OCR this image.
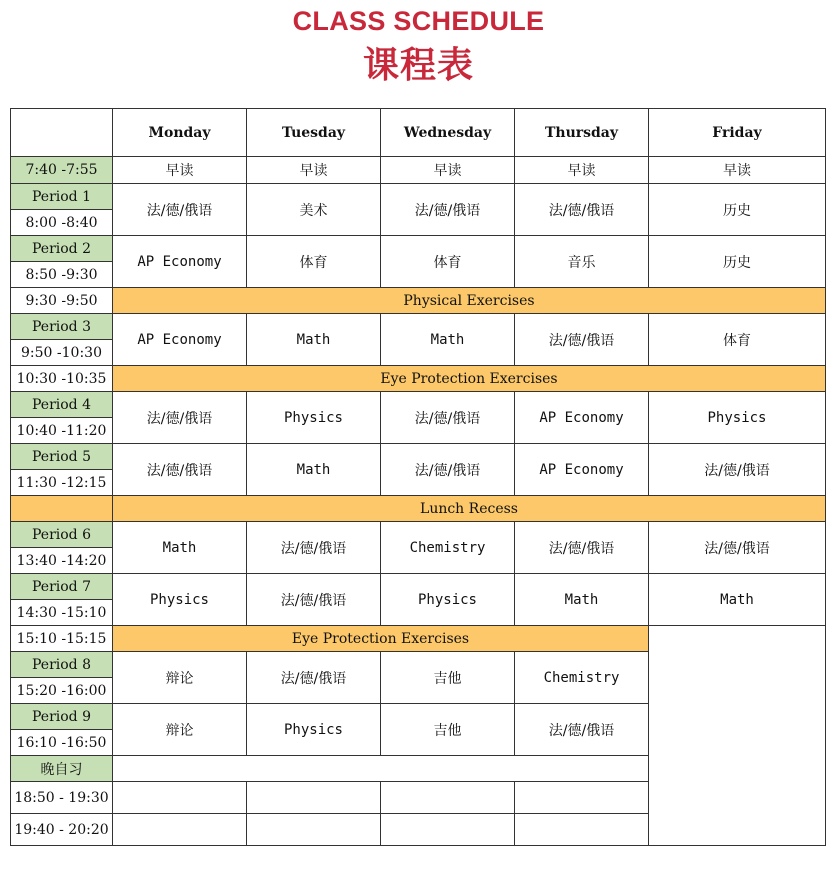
CLASS SCHEDULE
课程表
	Monday	Tuesday	Wednesday	Thursday	Friday
7:40 -7:55	早读	早读	早读	早读	早读
Period 1	法/德/俄语	美术	法/德/俄语	法/德/俄语	历史
8:00 -8:40					
Period 2	AP Economy	体育	体育	音乐	历史
8:50 -9:30					
9:30 -9:50	Physical Exercises				
Period 3	AP Economy	Math	Math	法/德/俄语	体育
9:50 -10:30					
10:30 -10:35	Eye Protection Exercises				
Period 4	法/德/俄语	Physics	法/德/俄语	AP Economy	Physics
10:40 -11:20					
Period 5	法/德/俄语	Math	法/德/俄语	AP Economy	法/德/俄语
11:30 -12:15					
	Lunch Recess				
Period 6	Math	法/德/俄语	Chemistry	法/德/俄语	法/德/俄语
13:40 -14:20					
Period 7	Physics	法/德/俄语	Physics	Math	Math
14:30 -15:10					
15:10 -15:15	Eye Protection Exercises				
Period 8	辩论	法/德/俄语	吉他	Chemistry	
15:20 -16:00					
Period 9	辩论	Physics	吉他	法/德/俄语	
16:10 -16:50					
晚自习					
18:50 - 19:30					
19:40 - 20:20					
